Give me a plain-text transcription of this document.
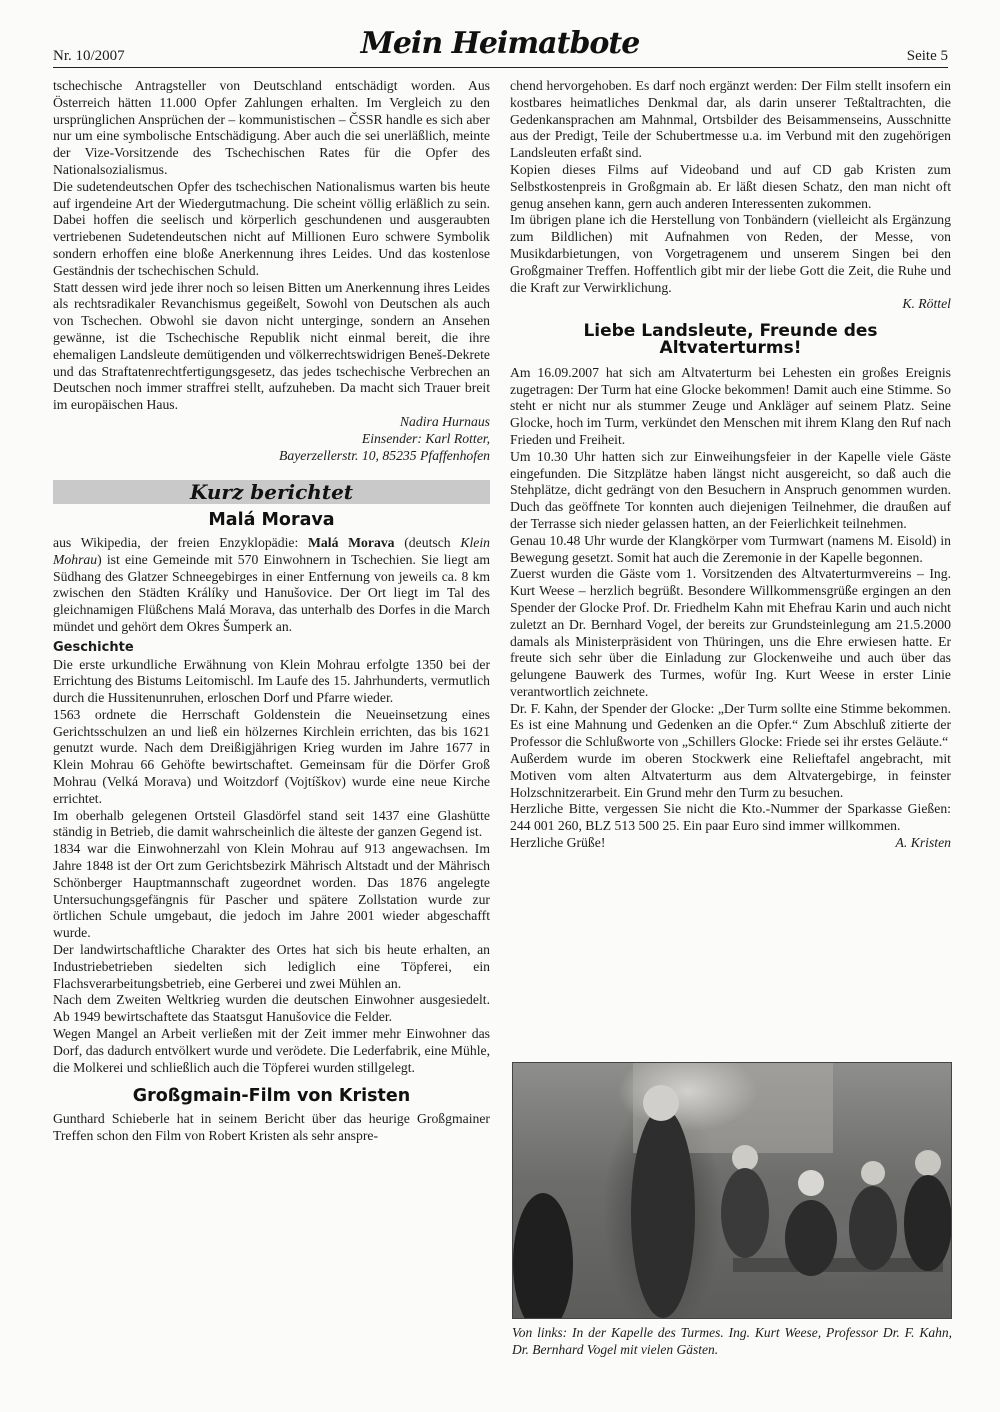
Nr. 10/2007	Mein Heimatbote	Seite 5

tschechische Antragsteller von Deutschland entschädigt worden. Aus Österreich hätten 11.000 Opfer Zahlungen erhalten. Im Vergleich zu den ursprünglichen Ansprüchen der – kommunistischen – ČSSR handle es sich aber nur um eine symbolische Entschädigung. Aber auch die sei unerläßlich, meinte der Vize-Vorsitzende des Tschechischen Rates für die Opfer des Nationalsozialismus.

Die sudetendeutschen Opfer des tschechischen Nationalismus warten bis heute auf irgendeine Art der Wiedergutmachung. Die scheint völlig erläßlich zu sein. Dabei hoffen die seelisch und körperlich geschundenen und ausgeraubten vertriebenen Sudetendeutschen nicht auf Millionen Euro schwere Symbolik sondern erhoffen eine bloße Anerkennung ihres Leides. Und das kostenlose Geständnis der tschechischen Schuld.

Statt dessen wird jede ihrer noch so leisen Bitten um Anerkennung ihres Leides als rechtsradikaler Revanchismus gegeißelt, Sowohl von Deutschen als auch von Tschechen. Obwohl sie davon nicht untergingе, sondern an Ansehen gewänne, ist die Tschechische Republik nicht einmal bereit, die ihre ehemaligen Landsleute demütigenden und völkerrechtswidrigen Beneš-Dekrete und das Straftatenrechtfertigungsgesetz, das jedes tschechische Verbrechen an Deutschen noch immer straffrei stellt, aufzuheben. Da macht sich Trauer breit im europäischen Haus.

Nadira Hurnaus

Einsender: Karl Rotter,

Bayerzellerstr. 10, 85235 Pfaffenhofen

Kurz berichtet
Malá Morava

aus Wikipedia, der freien Enzyklopädie: Malá Morava (deutsch Klein Mohrau) ist eine Gemeinde mit 570 Einwohnern in Tschechien. Sie liegt am Südhang des Glatzer Schneegebirges in einer Entfernung von jeweils ca. 8 km zwischen den Städten Králíky und Hanušovice. Der Ort liegt im Tal des gleichnamigen Flüßchens Malá Morava, das unterhalb des Dorfes in die March mündet und gehört dem Okres Šumperk an.

Geschichte

Die erste urkundliche Erwähnung von Klein Mohrau erfolgte 1350 bei der Errichtung des Bistums Leitomischl. Im Laufe des 15. Jahrhunderts, vermutlich durch die Hussitenunruhen, erloschen Dorf und Pfarre wieder.

1563 ordnete die Herrschaft Goldenstein die Neueinsetzung eines Gerichtsschulzen an und ließ ein hölzernes Kirchlein errichten, das bis 1621 genutzt wurde. Nach dem Dreißigjährigen Krieg wurden im Jahre 1677 in Klein Mohrau 66 Gehöfte bewirtschaftet. Gemeinsam für die Dörfer Groß Mohrau (Velká Morava) und Woitzdorf (Vojtíškov) wurde eine neue Kirche errichtet.

Im oberhalb gelegenen Ortsteil Glasdörfel stand seit 1437 eine Glashütte ständig in Betrieb, die damit wahrscheinlich die älteste der ganzen Gegend ist.

1834 war die Einwohnerzahl von Klein Mohrau auf 913 angewachsen. Im Jahre 1848 ist der Ort zum Gerichtsbezirk Mährisch Altstadt und der Mährisch Schönberger Hauptmannschaft zugeordnet worden. Das 1876 angelegte Untersuchungsgefängnis für Pascher und spätere Zollstation wurde zur örtlichen Schule umgebaut, die jedoch im Jahre 2001 wieder abgeschafft wurde.

Der landwirtschaftliche Charakter des Ortes hat sich bis heute erhalten, an Industriebetrieben siedelten sich lediglich eine Töpferei, ein Flachsverarbeitungsbetrieb, eine Gerberei und zwei Mühlen an.

Nach dem Zweiten Weltkrieg wurden die deutschen Einwohner ausgesiedelt. Ab 1949 bewirtschaftete das Staatsgut Hanušovice die Felder.

Wegen Mangel an Arbeit verließen mit der Zeit immer mehr Einwohner das Dorf, das dadurch entvölkert wurde und verödete. Die Lederfabrik, eine Mühle, die Molkerei und schließlich auch die Töpferei wurden stillgelegt.

Großgmain-Film von Kristen

Gunthard Schieberle hat in seinem Bericht über das heurige Großgmainer Treffen schon den Film von Robert Kristen als sehr anspre-

chend hervorgehoben. Es darf noch ergänzt werden: Der Film stellt insofern ein kostbares heimatliches Denkmal dar, als darin unserer Teßtaltrachten, die Gedenkansprachen am Mahnmal, Ortsbilder des Beisammenseins, Ausschnitte aus der Predigt, Teile der Schubertmesse u.a. im Verbund mit den zugehörigen Landsleuten erfaßt sind.

Kopien dieses Films auf Videoband und auf CD gab Kristen zum Selbstkostenpreis in Großgmain ab. Er läßt diesen Schatz, den man nicht oft genug ansehen kann, gern auch anderen Interessenten zukommen.

Im übrigen plane ich die Herstellung von Tonbändern (vielleicht als Ergänzung zum Bildlichen) mit Aufnahmen von Reden, der Messe, von Musikdarbietungen, von Vorgetragenem und unserem Singen bei den Großgmainer Treffen. Hoffentlich gibt mir der liebe Gott die Zeit, die Ruhe und die Kraft zur Verwirklichung.

K. Röttel

Liebe Landsleute, Freunde des Altvaterturms!

Am 16.09.2007 hat sich am Altvaterturm bei Lehesten ein großes Ereignis zugetragen: Der Turm hat eine Glocke bekommen! Damit auch eine Stimme. So steht er nicht nur als stummer Zeuge und Ankläger auf seinem Platz. Seine Glocke, hoch im Turm, verkündet den Menschen mit ihrem Klang den Ruf nach Frieden und Freiheit.

Um 10.30 Uhr hatten sich zur Einweihungsfeier in der Kapelle viele Gäste eingefunden. Die Sitzplätze haben längst nicht ausgereicht, so daß auch die Stehplätze, dicht gedrängt von den Besuchern in Anspruch genommen wurden. Duch das geöffnete Tor konnten auch diejenigen Teilnehmer, die draußen auf der Terrasse sich nieder gelassen hatten, an der Feierlichkeit teilnehmen.

Genau 10.48 Uhr wurde der Klangkörper vom Turmwart (namens M. Eisold) in Bewegung gesetzt. Somit hat auch die Zeremonie in der Kapelle begonnen.

Zuerst wurden die Gäste vom 1. Vorsitzenden des Altvaterturmvereins – Ing. Kurt Weese – herzlich begrüßt. Besondere Willkommensgrüße ergingen an den Spender der Glocke Prof. Dr. Friedhelm Kahn mit Ehefrau Karin und auch nicht zuletzt an Dr. Bernhard Vogel, der bereits zur Grundsteinlegung am 21.5.2000 damals als Ministerpräsident von Thüringen, uns die Ehre erwiesen hatte. Er freute sich sehr über die Einladung zur Glockenweihe und auch über das gelungene Bauwerk des Turmes, wofür Ing. Kurt Weese in erster Linie verantwortlich zeichnete.

Dr. F. Kahn, der Spender der Glocke: „Der Turm sollte eine Stimme bekommen. Es ist eine Mahnung und Gedenken an die Opfer.“ Zum Abschluß zitierte der Professor die Schlußworte von „Schillers Glocke: Friede sei ihr erstes Geläute.“

Außerdem wurde im oberen Stockwerk eine Relieftafel angebracht, mit Motiven vom alten Altvaterturm aus dem Altvatergebirge, in feinster Holzschnitzerarbeit. Ein Grund mehr den Turm zu besuchen.

Herzliche Bitte, vergessen Sie nicht die Kto.-Nummer der Sparkasse Gießen: 244 001 260, BLZ 513 500 25. Ein paar Euro sind immer willkommen.

Herzliche Grüße!	A. Kristen
Von links: In der Kapelle des Turmes. Ing. Kurt Weese, Professor Dr. F. Kahn, Dr. Bernhard Vogel mit vielen Gästen.
